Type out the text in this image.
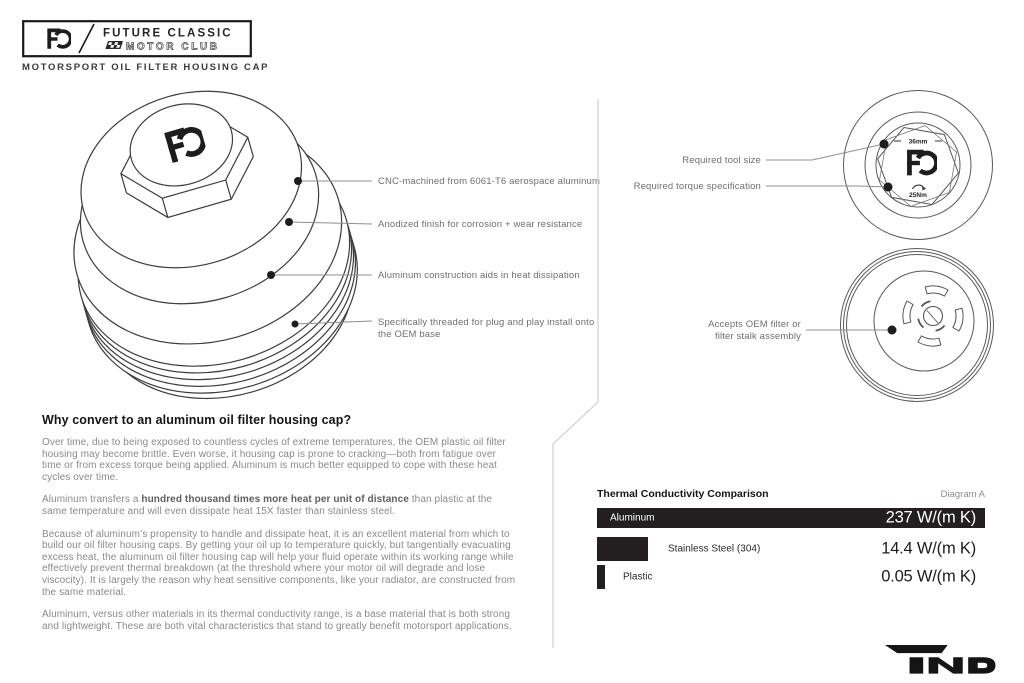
FUTURE CLASSIC
MOTOR CLUB
MOTORSPORT OIL FILTER HOUSING CAP
CNC-machined from 6061-T6 aerospace aluminum
Anodized finish for corrosion + wear resistance
Aluminum construction aids in heat dissipation
Specifically threaded for plug and play install onto
the OEM base
36mm
25Nm
Required tool size
Required torque specification
Accepts OEM filter or
filter stalk assembly
Why convert to an aluminum oil filter housing cap?

Over time, due to being exposed to countless cycles of extreme temperatures, the OEM plastic oil filter housing may become brittle. Even worse, it housing cap is prone to cracking—both from fatigue over time or from excess torque being applied. Aluminum is much better equipped to cope with these heat cycles over time.

Aluminum transfers a hundred thousand times more heat per unit of distance than plastic at the same temperature and will even dissipate heat 15X faster than stainless steel.

Because of aluminum’s propensity to handle and dissipate heat, it is an excellent material from which to build our oil filter housing caps. By getting your oil up to temperature quickly, but tangentially evacuating excess heat, the aluminum oil filter housing cap will help your fluid operate within its working range while effectively prevent thermal breakdown (at the threshold where your motor oil will degrade and lose viscocity). It is largely the reason why heat sensitive components, like your radiator, are constructed from the same material.

Aluminum, versus other materials in its thermal conductivity range, is a base material that is both strong and lightweight. These are both vital characteristics that stand to greatly benefit motorsport applications.

Thermal Conductivity Comparison	Diagram A
Aluminum	237 W/(m K)
Stainless Steel (304)	14.4 W/(m K)
Plastic	0.05 W/(m K)
